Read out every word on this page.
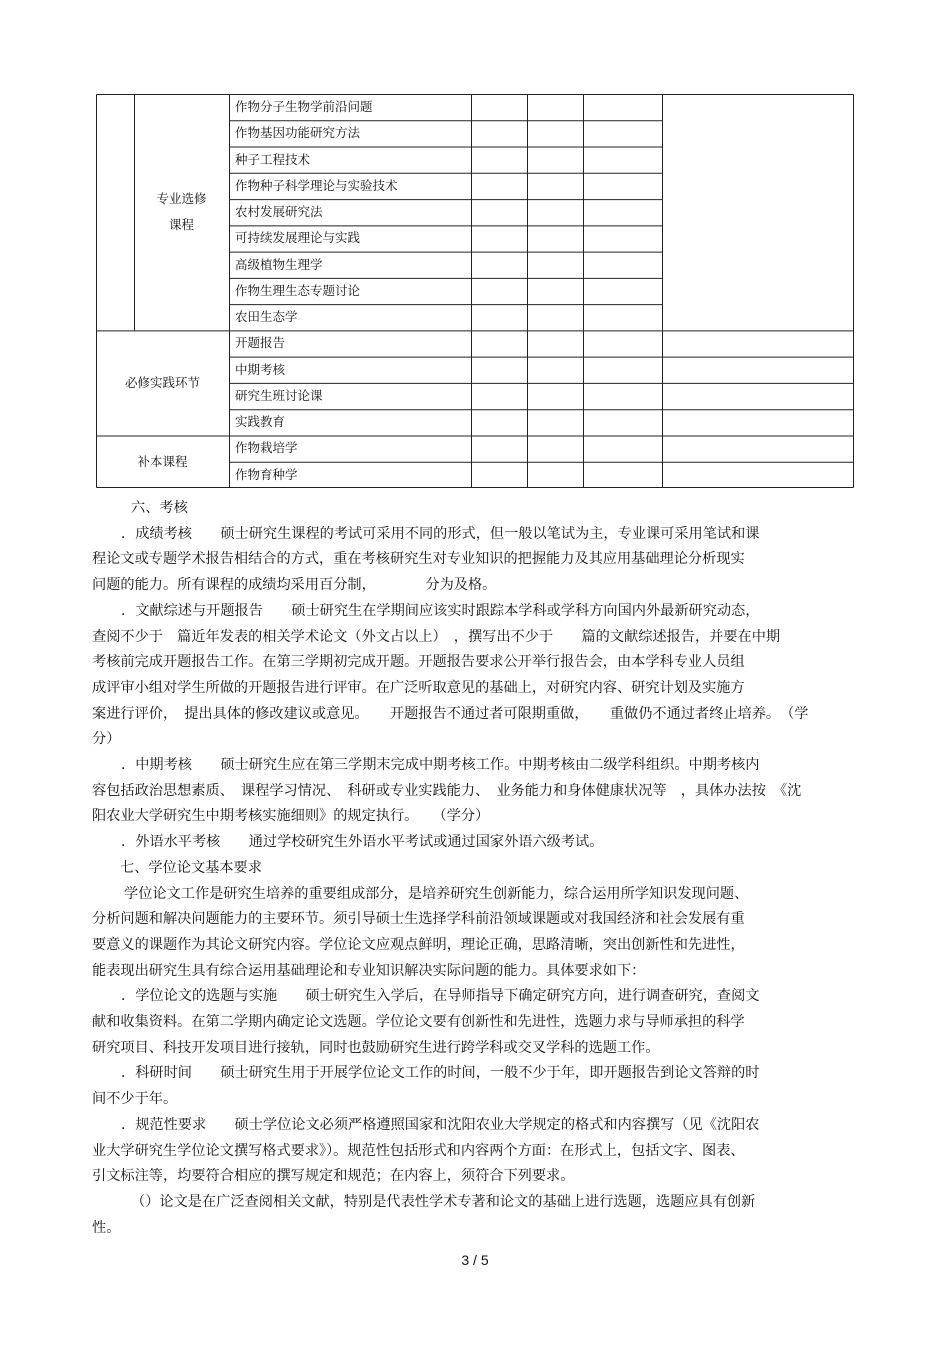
专业选修
课程
作物分子生物学前沿问题
作物基因功能研究方法
种子工程技术
作物种子科学理论与实验技术
农村发展研究法
可持续发展理论与实践
高级植物生理学
作物生理生态专题讨论
农田生态学
必修实践环节
开题报告
中期考核
研究生班讨论课
实践教育
补本课程
作物栽培学
作物育种学
六、考核
．成绩考核　　硕士研究生课程的考试可采用不同的形式，但一般以笔试为主，专业课可采用笔试和课
程论文或专题学术报告相结合的方式，重在考核研究生对专业知识的把握能力及其应用基础理论分析现实
问题的能力。所有课程的成绩均采用百分制，　　　　分为及格。
．文献综述与开题报告　　硕士研究生在学期间应该实时跟踪本学科或学科方向国内外最新研究动态，
查阅不少于　篇近年发表的相关学术论文（外文占以上）　，撰写出不少于　　篇的文献综述报告，并要在中期
考核前完成开题报告工作。在第三学期初完成开题。开题报告要求公开举行报告会，由本学科专业人员组
成评审小组对学生所做的开题报告进行评审。在广泛听取意见的基础上，对研究内容、研究计划及实施方
案进行评价，　提出具体的修改建议或意见。　　开题报告不通过者可限期重做，　　重做仍不通过者终止培养。　（学
分）
．中期考核　　硕士研究生应在第三学期末完成中期考核工作。中期考核由二级学科组织。中期考核内
容包括政治思想素质、　课程学习情况、　科研或专业实践能力、　业务能力和身体健康状况等　，具体办法按　《沈
阳农业大学研究生中期考核实施细则》的规定执行。　　（学分）
．外语水平考核　　通过学校研究生外语水平考试或通过国家外语六级考试。
七、学位论文基本要求
学位论文工作是研究生培养的重要组成部分，是培养研究生创新能力，综合运用所学知识发现问题、
分析问题和解决问题能力的主要环节。须引导硕士生选择学科前沿领域课题或对我国经济和社会发展有重
要意义的课题作为其论文研究内容。学位论文应观点鲜明，理论正确，思路清晰，突出创新性和先进性，
能表现出研究生具有综合运用基础理论和专业知识解决实际问题的能力。具体要求如下：
．学位论文的选题与实施　　硕士研究生入学后，在导师指导下确定研究方向，进行调查研究，查阅文
献和收集资料。在第二学期内确定论文选题。学位论文要有创新性和先进性，选题力求与导师承担的科学
研究项目、科技开发项目进行接轨，同时也鼓励研究生进行跨学科或交叉学科的选题工作。
．科研时间　　硕士研究生用于开展学位论文工作的时间，一般不少于年，即开题报告到论文答辩的时
间不少于年。
．规范性要求　　硕士学位论文必须严格遵照国家和沈阳农业大学规定的格式和内容撰写（见《沈阳农
业大学研究生学位论文撰写格式要求》）。规范性包括形式和内容两个方面：在形式上，包括文字、图表、
引文标注等，均要符合相应的撰写规定和规范；在内容上，须符合下列要求。
（）论文是在广泛查阅相关文献，特别是代表性学术专著和论文的基础上进行选题，选题应具有创新
性。
3 / 5
